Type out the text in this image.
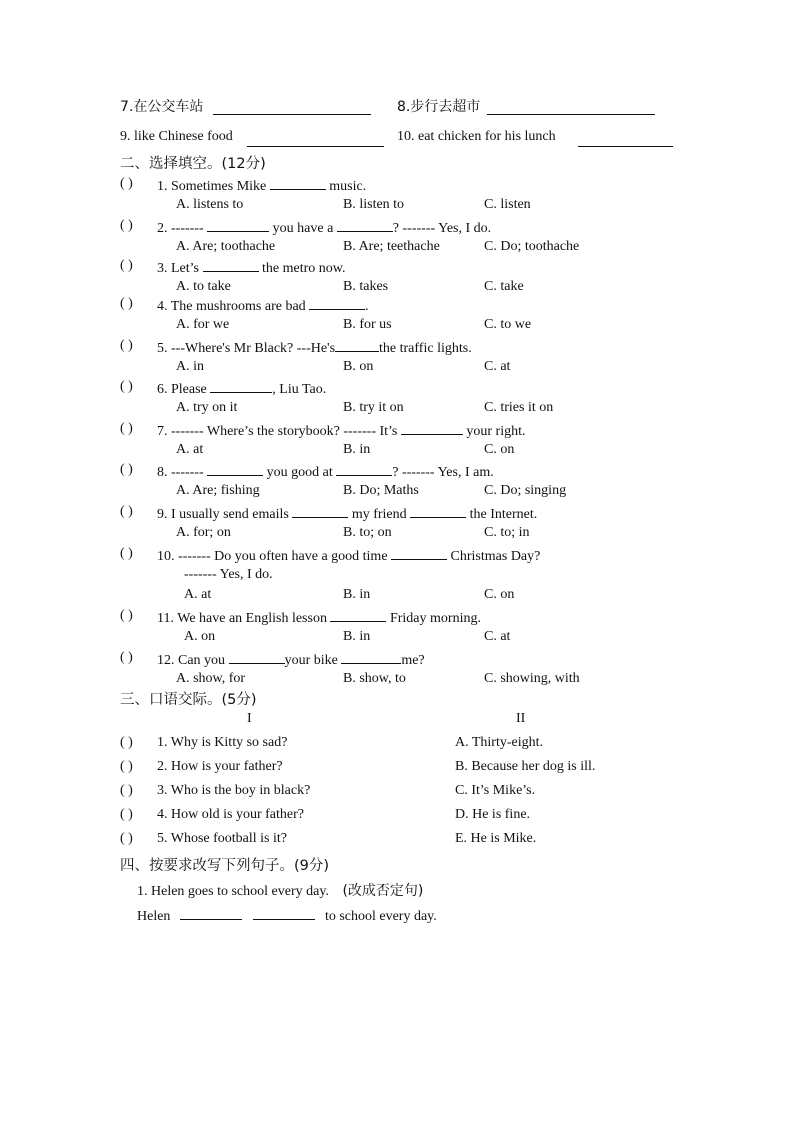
7.在公交车站	8.步行去超市
9. like Chinese food	10. eat chicken for his lunch
二、选择填空。(12分)
( ) 1. Sometimes Mike	music.
A. listens to	B. listen to	C. listen
( ) 2. -------	you have a	? ------- Yes, I do.
A. Are; toothache	B. Are; teethache	C. Do; toothache
( ) 3. Let’s	the metro now.
A. to take	B. takes	C. take
( ) 4. The mushrooms are bad	.
A. for we	B. for us	C. to we
( ) 5. ---Where's Mr Black? ---He's	the traffic lights.
A. in	B. on	C. at
( ) 6. Please	, Liu Tao.
A. try on it	B. try it on	C. tries it on
( ) 7. ------- Where’s the storybook? ------- It’s	your right.
A. at	B. in	C. on
( ) 8. -------	you good at	? ------- Yes, I am.
A. Are; fishing	B. Do; Maths	C. Do; singing
( ) 9. I usually send emails	my friend	the Internet.
A. for; on	B. to; on	C. to; in
( ) 10. ------- Do you often have a good time	Christmas Day?
------- Yes, I do.
A. at	B. in	C. on
( ) 11. We have an English lesson	Friday morning.
A. on	B. in	C. at
( ) 12. Can you	your bike	me?
A. show, for	B. show, to	C. showing, with
三、口语交际。(5分)
I	II
( ) 1. Why is Kitty so sad?	A. Thirty-eight.
( ) 2. How is your father?	B. Because her dog is ill.
( ) 3. Who is the boy in black?	C. It’s Mike’s.
( ) 4. How old is your father?	D. He is fine.
( ) 5. Whose football is it?	E. He is Mike.
四、按要求改写下列句子。(9分)
1. Helen goes to school every day. (改成否定句)
Helen	to school every day.
